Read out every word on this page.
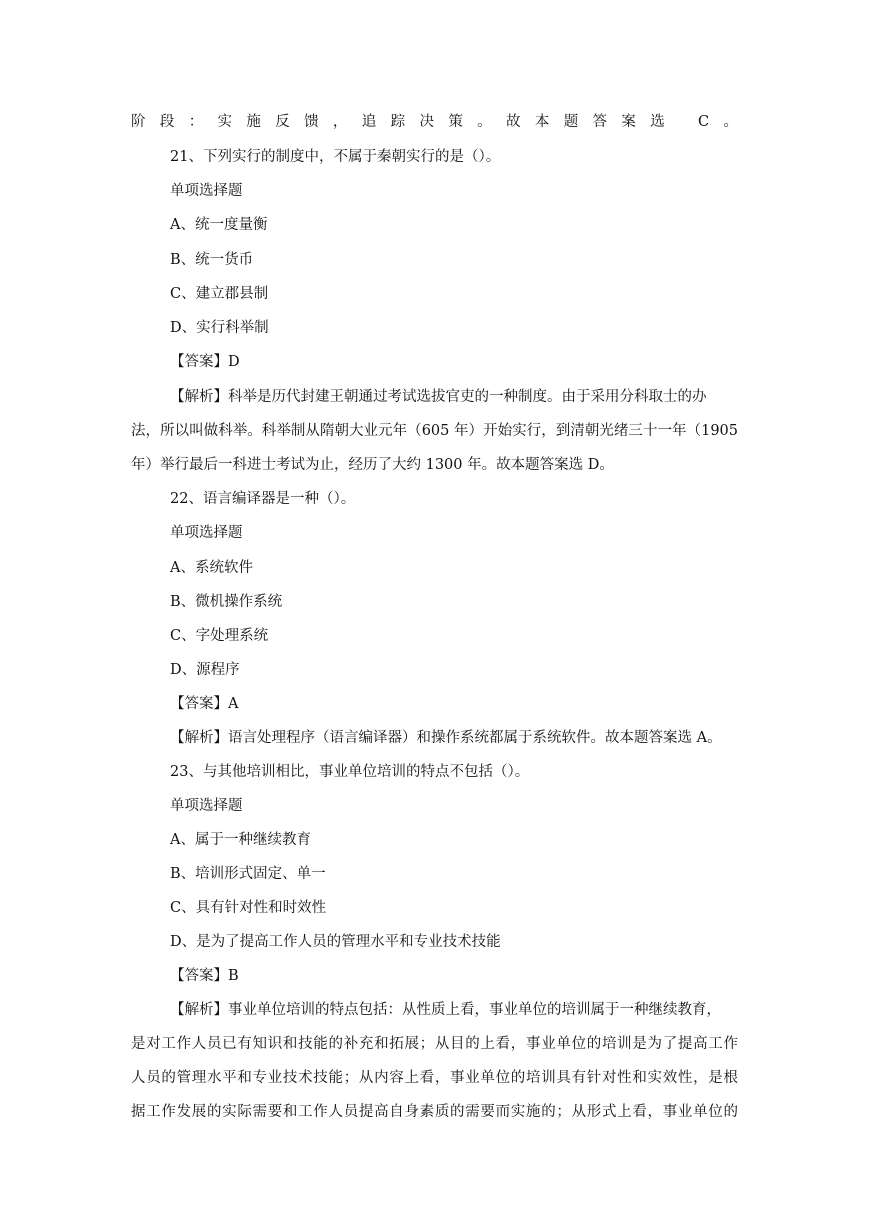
阶段：实施反馈，追踪决策。故本题答案选 C。
21、下列实行的制度中，不属于秦朝实行的是（）。
单项选择题
A、统一度量衡
B、统一货币
C、建立郡县制
D、实行科举制
【答案】D
【解析】科举是历代封建王朝通过考试选拔官吏的一种制度。由于采用分科取士的办
法，所以叫做科举。科举制从隋朝大业元年（605 年）开始实行，到清朝光绪三十一年（1905
年）举行最后一科进士考试为止，经历了大约 1300 年。故本题答案选 D。
22、语言编译器是一种（）。
单项选择题
A、系统软件
B、微机操作系统
C、字处理系统
D、源程序
【答案】A
【解析】语言处理程序（语言编译器）和操作系统都属于系统软件。故本题答案选 A。
23、与其他培训相比，事业单位培训的特点不包括（）。
单项选择题
A、属于一种继续教育
B、培训形式固定、单一
C、具有针对性和时效性
D、是为了提高工作人员的管理水平和专业技术技能
【答案】B
【解析】事业单位培训的特点包括：从性质上看，事业单位的培训属于一种继续教育，
是对工作人员已有知识和技能的补充和拓展；从目的上看，事业单位的培训是为了提高工作
人员的管理水平和专业技术技能；从内容上看，事业单位的培训具有针对性和实效性，是根
据工作发展的实际需要和工作人员提高自身素质的需要而实施的；从形式上看，事业单位的
